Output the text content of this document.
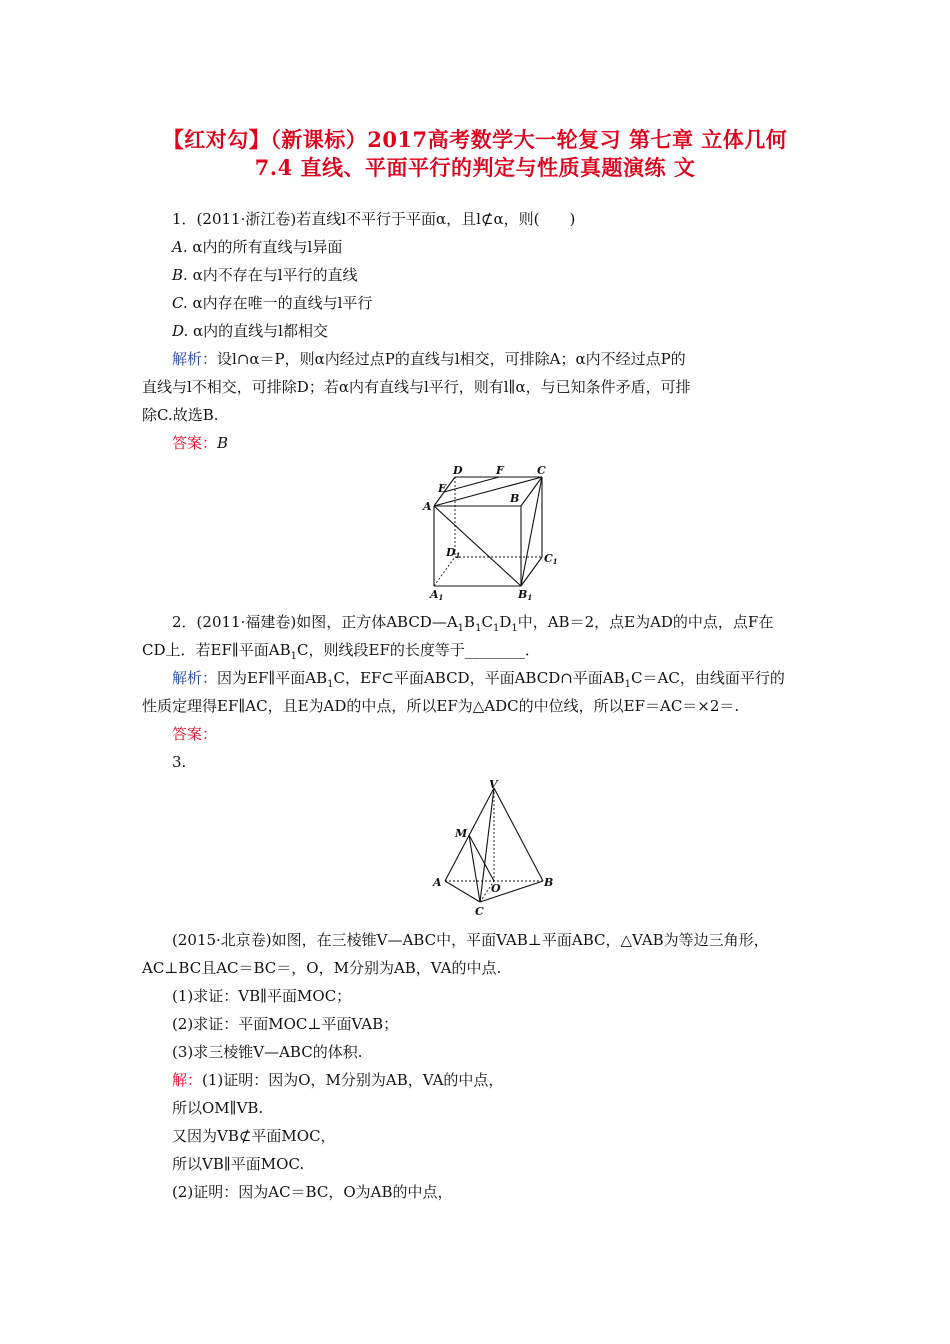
【红对勾】（新课标）2017高考数学大一轮复习 第七章 立体几何
7.4 直线、平面平行的判定与性质真题演练 文
1．(2011·浙江卷)若直线l不平行于平面α，且l⊄α，则(　　)
A. α内的所有直线与l异面
B. α内不存在与l平行的直线
C. α内存在唯一的直线与l平行
D. α内的直线与l都相交
解析：设l∩α＝P，则α内经过点P的直线与l相交，可排除A；α内不经过点P的
直线与l不相交，可排除D；若α内有直线与l平行，则有l∥α，与已知条件矛盾，可排
除C.故选B.
答案：B
D	F	C
E
B
A
D1	C1
A1	B1
2．(2011·福建卷)如图，正方体$ABCD—A_1B_1C_1D_1$中，AB＝2，点E为AD的中点，点F在
CD上．若EF∥平面$AB_1C$，则线段EF的长度等于________．
解析：因为EF∥平面$AB_1C$，EF⊂平面ABCD，平面ABCD∩平面$AB_1C=AC$，由线面平行的
性质定理得EF∥AC，且E为AD的中点，所以EF为△ADC的中位线，所以EF＝AC＝×2＝.
答案：
3.
V
M
A	O	B
C
(2015·北京卷)如图，在三棱锥V—ABC中，平面VAB⊥平面ABC，△VAB为等边三角形，
AC⊥BC且AC＝BC＝，O，M分别为AB，VA的中点.
(1)求证：VB∥平面MOC；
(2)求证：平面MOC⊥平面VAB；
(3)求三棱锥V—ABC的体积.
解：(1)证明：因为O，M分别为AB，VA的中点，
所以OM∥VB.
又因为VB⊄平面MOC，
所以VB∥平面MOC.
(2)证明：因为AC＝BC，O为AB的中点，
